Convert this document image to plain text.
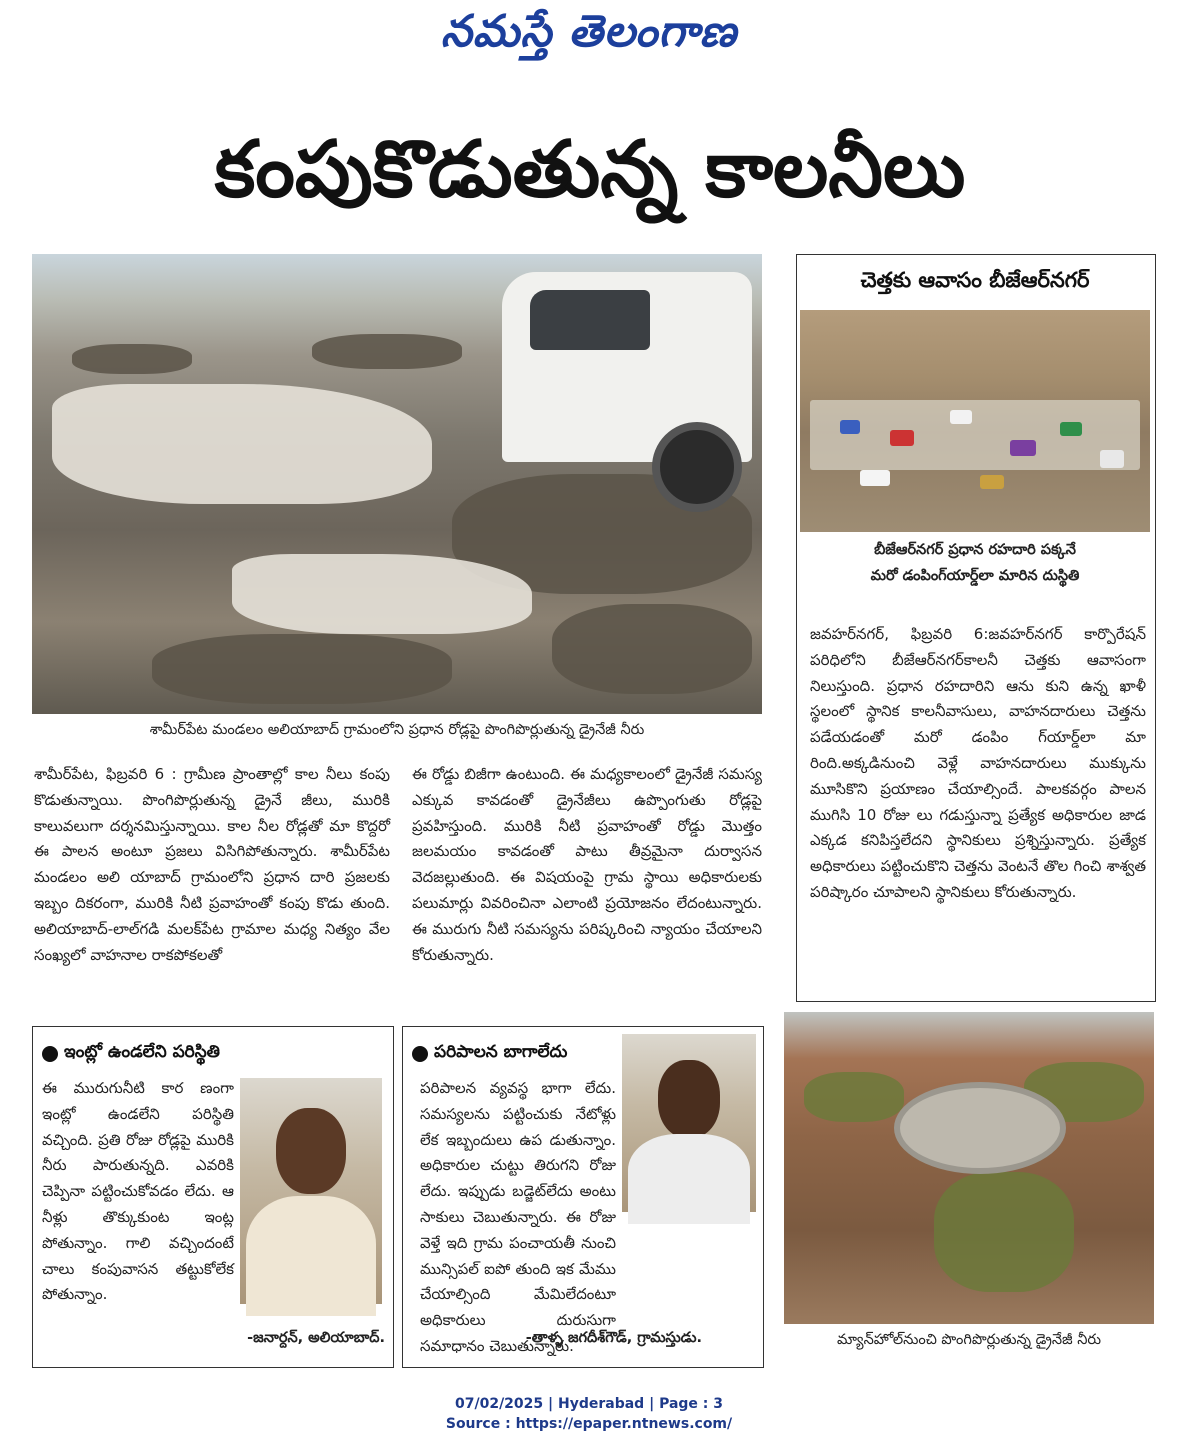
నమస్తే తెలంగాణ
కంపుకొడుతున్న కాలనీలు
శామీర్‌పేట మండలం అలియాబాద్‌ గ్రామంలోని ప్రధాన రోడ్లపై పొంగిపొర్లుతున్న డ్రైనేజీ నీరు
శామీర్‌పేట, ఫిబ్రవరి 6 : గ్రామీణ ప్రాంతాల్లో కాల నీలు కంపు కొడుతున్నాయి. పొంగిపొర్లుతున్న డ్రైనే జీలు, మురికి కాలువలుగా దర్శనమిస్తున్నాయి. కాల నీల రోడ్లతో మా కొద్దరో ఈ పాలన అంటూ ప్రజలు విసిగిపోతున్నారు. శామీర్‌పేట మండలం అలి యాబాద్‌ గ్రామంలోని ప్రధాన దారి ప్రజలకు ఇబ్బం దికరంగా, మురికి నీటి ప్రవాహంతో కంపు కొడు తుంది. అలియాబాద్‌-లాల్‌గడి మలక్‌పేట గ్రామాల మధ్య నిత్యం వేల సంఖ్యలో వాహనాల రాకపోకలతో
ఈ రోడ్డు బిజీగా ఉంటుంది. ఈ మధ్యకాలంలో డ్రైనేజీ సమస్య ఎక్కువ కావడంతో డ్రైనేజీలు ఉప్పొంగుతు రోడ్లపై ప్రవహిస్తుంది. మురికి నీటి ప్రవాహంతో రోడ్డు మొత్తం జలమయం కావడంతో పాటు తీవ్రమైనా దుర్వాసన వెదజల్లుతుంది. ఈ విషయంపై గ్రామ స్థాయి అధికారులకు పలుమార్లు వివరించినా ఎలాంటి ప్రయోజనం లేదంటున్నారు. ఈ మురుగు నీటి సమస్యను పరిష్కరించి న్యాయం చేయాలని కోరుతున్నారు.
చెత్తకు ఆవాసం బీజేఆర్‌నగర్‌
బీజేఆర్‌నగర్‌ ప్రధాన రహదారి పక్కనే
మరో డంపింగ్‌యార్డ్‌లా మారిన దుస్థితి
జవహర్‌నగర్‌, ఫిబ్రవరి 6:జవహర్‌నగర్‌ కార్పొరేషన్‌ పరిధిలోని బీజేఆర్‌నగర్‌కాలనీ చెత్తకు ఆవాసంగా నిలుస్తుంది. ప్రధాన రహదారిని ఆను కుని ఉన్న ఖాళీ స్థలంలో స్థానిక కాలనీవాసులు, వాహనదారులు చెత్తను పడేయడంతో మరో డంపిం గ్‌యార్డ్‌లా మా రింది.అక్కడినుంచి వెళ్లే వాహనదారులు ముక్కును మూసికొని ప్రయాణం చేయాల్సిందే. పాలకవర్గం పాలన ముగిసి 10 రోజు లు గడుస్తున్నా ప్రత్యేక అధికారుల జాడ ఎక్కడ కనిపిస్తలేదని స్థానికులు ప్రశ్నిస్తున్నారు. ప్రత్యేక అధికారులు పట్టించుకొని చెత్తను వెంటనే తొల గించి శాశ్వత పరిష్కారం చూపాలని స్థానికులు కోరుతున్నారు.
ఇంట్లో ఉండలేని పరిస్థితి
ఈ మురుగునీటి కార ణంగా ఇంట్లో ఉండలేని పరిస్థితి వచ్చింది. ప్రతి రోజు రోడ్లపై మురికి నీరు పారుతున్నది. ఎవరికి చెప్పినా పట్టించుకోవడం లేదు. ఆ నీళ్లు తొక్కుకుంట ఇంట్ల పోతున్నాం. గాలి వచ్చిందంటే చాలు కంపువాసన తట్టుకోలేక పోతున్నాం.
-జనార్దన్‌, అలియాబాద్‌.
పరిపాలన బాగాలేదు
పరిపాలన వ్యవస్థ భాగా లేదు. సమస్యలను పట్టించుకు నేటోళ్లు లేక ఇబ్బందులు ఉప డుతున్నాం. అధికారుల చుట్టు తిరుగని రోజు లేదు. ఇప్పుడు బడ్జెట్‌లేదు అంటు సాకులు చెబుతున్నారు. ఈ రోజు వెళ్తే ఇది గ్రామ పంచాయతీ నుంచి మున్సిపల్‌ ఐపో తుంది ఇక మేము చేయాల్సింది మేమిలేదంటూ అధికారులు దురుసుగా సమాధానం చెబుతున్నారు.
-తాళ్ళ జగదీశ్‌గౌడ్‌, గ్రామస్తుడు.	మ్యాన్‌హోల్‌నుంచి పొంగిపొర్లుతున్న డ్రైనేజీ నీరు
07/02/2025 | Hyderabad | Page : 3
Source : https://epaper.ntnews.com/
